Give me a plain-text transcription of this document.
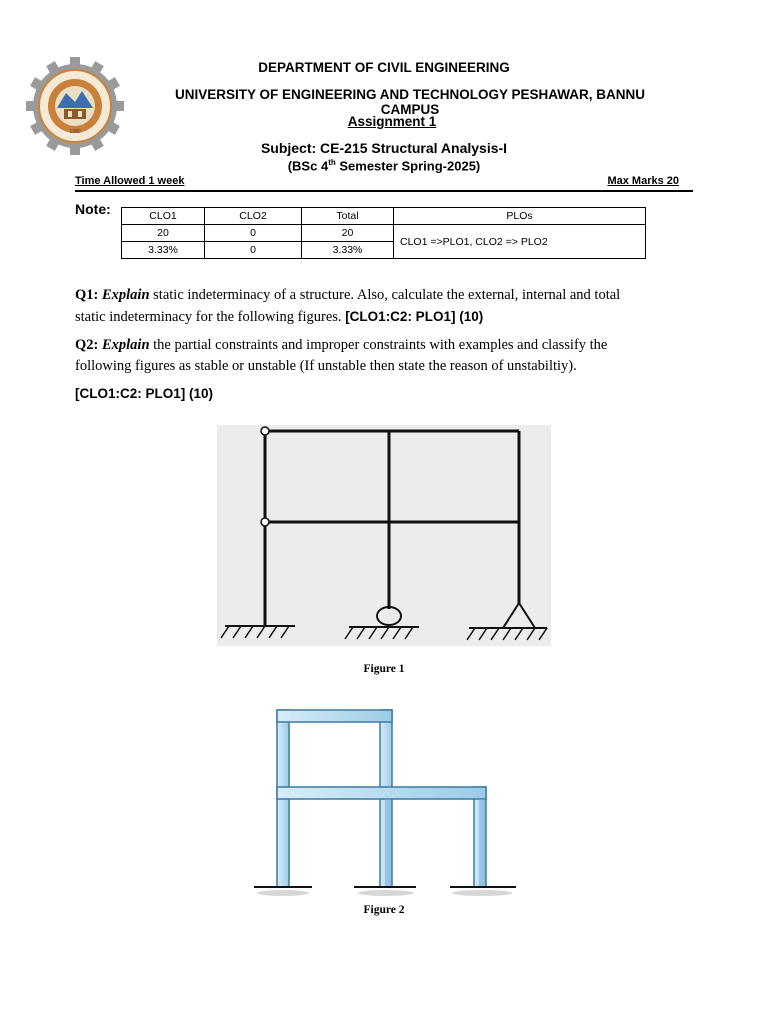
1980
DEPARTMENT OF CIVIL ENGINEERING
UNIVERSITY OF ENGINEERING AND TECHNOLOGY PESHAWAR, BANNU CAMPUS
Assignment 1
Subject: CE-215 Structural Analysis-I
(BSc 4th Semester Spring-2025)
Time Allowed 1 week	Max Marks 20
Note:	CLO1	CLO2	Total	PLOs
20	0	20	CLO1 =>PLO1, CLO2 => PLO2
3.33%	0	3.33%	
Q1: Explain static indeterminacy of a structure. Also, calculate the external, internal and total
static indeterminacy for the following figures. [CLO1:C2: PLO1] (10)
Q2: Explain the partial constraints and improper constraints with examples and classify the
following figures as stable or unstable (If unstable then state the reason of unstabiltiy).
[CLO1:C2: PLO1] (10)
Figure 1
Figure 2
